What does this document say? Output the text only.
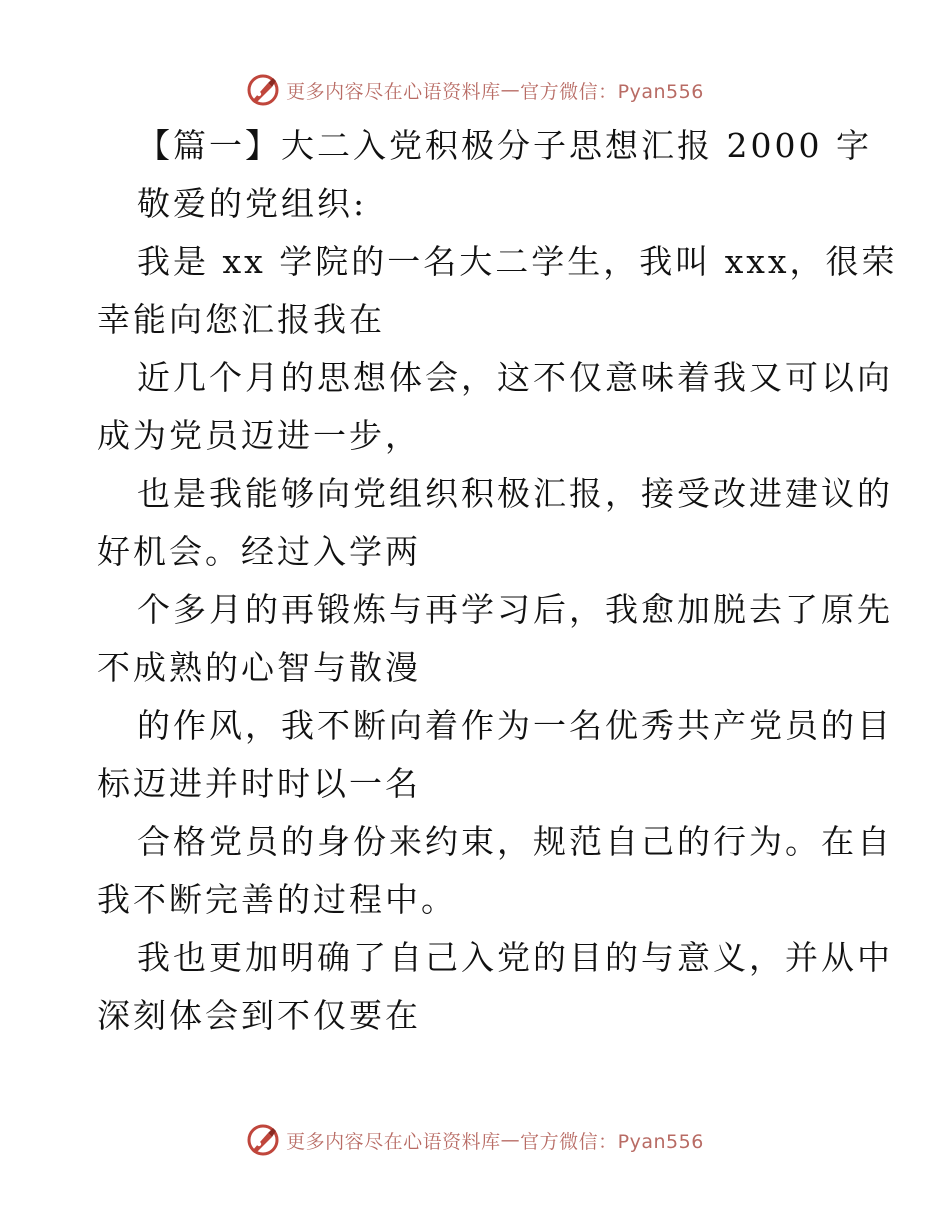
更多内容尽在心语资料库 — 官方微信：Pyan556
【篇一】大二入党积极分子思想汇报 2000 字
敬爱的党组织:
我是 xx 学院的一名大二学生，我叫 xxx，很荣
幸能向您汇报我在
近几个月的思想体会，这不仅意味着我又可以向
成为党员迈进一步，
也是我能够向党组织积极汇报，接受改进建议的
好机会。经过入学两
个多月的再锻炼与再学习后，我愈加脱去了原先
不成熟的心智与散漫
的作风，我不断向着作为一名优秀共产党员的目
标迈进并时时以一名
合格党员的身份来约束，规范自己的行为。在自
我不断完善的过程中。
我也更加明确了自己入党的目的与意义，并从中
深刻体会到不仅要在
更多内容尽在心语资料库 — 官方微信：Pyan556
